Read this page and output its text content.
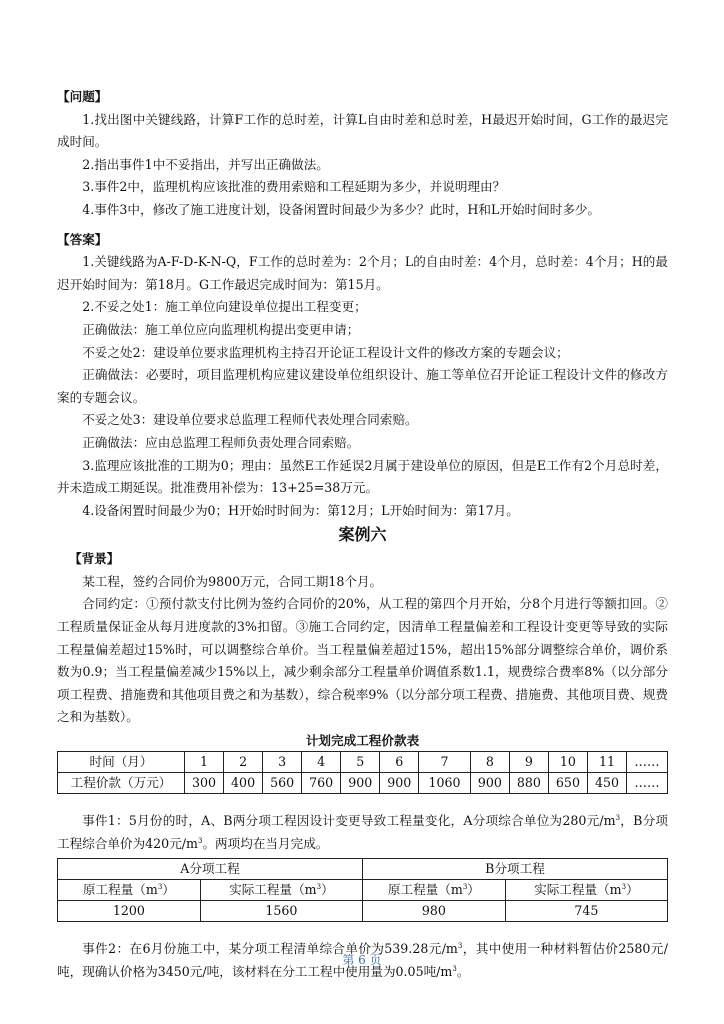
【问题】

1.找出图中关键线路，计算F工作的总时差，计算L自由时差和总时差，H最迟开始时间，G工作的最迟完成时间。

2.指出事件1中不妥指出，并写出正确做法。

3.事件2中，监理机构应该批准的费用索赔和工程延期为多少，并说明理由？

4.事件3中，修改了施工进度计划，设备闲置时间最少为多少？此时，H和L开始时间时多少。

【答案】

1.关键线路为A-F-D-K-N-Q，F工作的总时差为：2个月；L的自由时差：4个月，总时差：4个月；H的最迟开始时间为：第18月。G工作最迟完成时间为：第15月。

2.不妥之处1：施工单位向建设单位提出工程变更；

正确做法：施工单位应向监理机构提出变更申请；

不妥之处2：建设单位要求监理机构主持召开论证工程设计文件的修改方案的专题会议；

正确做法：必要时，项目监理机构应建议建设单位组织设计、施工等单位召开论证工程设计文件的修改方案的专题会议。

不妥之处3：建设单位要求总监理工程师代表处理合同索赔。

正确做法：应由总监理工程师负责处理合同索赔。

3.监理应该批准的工期为0；理由：虽然E工作延误2月属于建设单位的原因，但是E工作有2个月总时差，并未造成工期延误。批准费用补偿为：13+25=38万元。

4.设备闲置时间最少为0；H开始时时间为：第12月；L开始时间为：第17月。

案例六

【背景】

某工程，签约合同价为9800万元，合同工期18个月。

合同约定：①预付款支付比例为签约合同价的20%，从工程的第四个月开始，分8个月进行等额扣回。②工程质量保证金从每月进度款的3%扣留。③施工合同约定，因清单工程量偏差和工程设计变更等导致的实际工程量偏差超过15%时，可以调整综合单价。当工程量偏差超过15%，超出15%部分调整综合单价，调价系数为0.9；当工程量偏差减少15%以上，减少剩余部分工程量单价调值系数1.1，规费综合费率8%（以分部分项工程费、措施费和其他项目费之和为基数），综合税率9%（以分部分项工程费、措施费、其他项目费、规费之和为基数）。

计划完成工程价款表
时间（月）	1	2	3	4	5	6	7	8	9	10	11	……
工程价款（万元）	300	400	560	760	900	900	1060	900	880	650	450	……

事件1：5月份的时，A、B两分项工程因设计变更导致工程量变化，A分项综合单位为280元$/m^3$，B分项工程综合单价为420元$/m^3$。两项均在当月完成。

A分项工程		B分项工程	
原工程量$(m^3)$	实际工程量$(m^3)$	原工程量$(m^3)$	实际工程量$(m^3)$
1200	1560	980	745

事件2：在6月份施工中，某分项工程清单综合单价为539.28元$/m^3$，其中使用一种材料暂估价2580元/吨，现确认价格为3450元/吨，该材料在分工工程中使用量为0.05吨$/m^3$。

第 6 页
